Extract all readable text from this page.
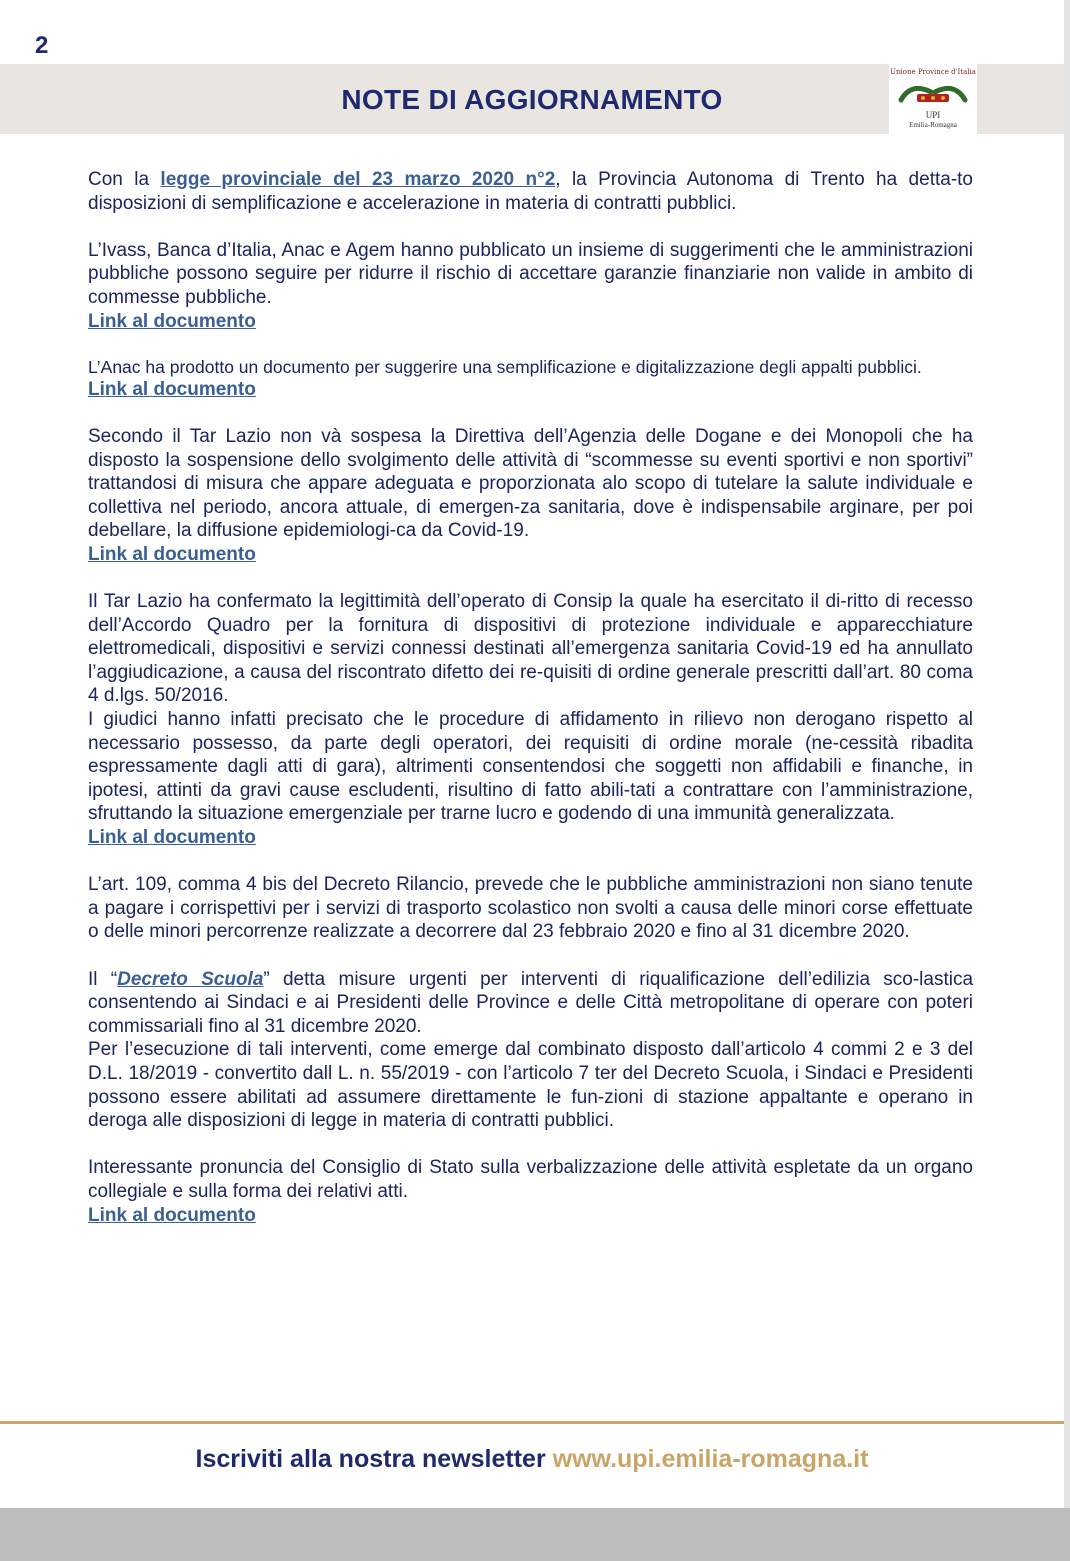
2
NOTE DI AGGIORNAMENTO
Unione Province d'Italia
UPI
Emilia-Romagna

Con la legge provinciale del 23 marzo 2020 n°2, la Provincia Autonoma di Trento ha detta-to disposizioni di semplificazione e accelerazione in materia di contratti pubblici.

L’Ivass, Banca d’Italia, Anac e Agem hanno pubblicato un insieme di suggerimenti che le amministrazioni pubbliche possono seguire per ridurre il rischio di accettare garanzie finanziarie non valide in ambito di commesse pubbliche.

Link al documento

L’Anac ha prodotto un documento per suggerire una semplificazione e digitalizzazione degli appalti pubblici.

Link al documento

Secondo il Tar Lazio non và sospesa la Direttiva dell’Agenzia delle Dogane e dei Monopoli che ha disposto la sospensione dello svolgimento delle attività di “scommesse su eventi sportivi e non sportivi” trattandosi di misura che appare adeguata e proporzionata alo scopo di tutelare la salute individuale e collettiva nel periodo, ancora attuale, di emergen-za sanitaria, dove è indispensabile arginare, per poi debellare, la diffusione epidemiologi-ca da Covid-19.

Link al documento

Il Tar Lazio ha confermato la legittimità dell’operato di Consip la quale ha esercitato il di-ritto di recesso dell’Accordo Quadro per la fornitura di dispositivi di protezione individuale e apparecchiature elettromedicali, dispositivi e servizi connessi destinati all’emergenza sanitaria Covid-19 ed ha annullato l’aggiudicazione, a causa del riscontrato difetto dei re-quisiti di ordine generale prescritti dall’art. 80 coma 4 d.lgs. 50/2016.

I giudici hanno infatti precisato che le procedure di affidamento in rilievo non derogano rispetto al necessario possesso, da parte degli operatori, dei requisiti di ordine morale (ne-cessità ribadita espressamente dagli atti di gara), altrimenti consentendosi che soggetti non affidabili e finanche, in ipotesi, attinti da gravi cause escludenti, risultino di fatto abili-tati a contrattare con l’amministrazione, sfruttando la situazione emergenziale per trarne lucro e godendo di una immunità generalizzata.

Link al documento

L’art. 109, comma 4 bis del Decreto Rilancio, prevede che le pubbliche amministrazioni non siano tenute a pagare i corrispettivi per i servizi di trasporto scolastico non svolti a causa delle minori corse effettuate o delle minori percorrenze realizzate a decorrere dal 23 febbraio 2020 e fino al 31 dicembre 2020.

Il “Decreto Scuola” detta misure urgenti per interventi di riqualificazione dell’edilizia sco-lastica consentendo ai Sindaci e ai Presidenti delle Province e delle Città metropolitane di operare con poteri commissariali fino al 31 dicembre 2020.

Per l’esecuzione di tali interventi, come emerge dal combinato disposto dall’articolo 4 commi 2 e 3 del D.L. 18/2019 - convertito dall L. n. 55/2019 - con l’articolo 7 ter del Decreto Scuola, i Sindaci e Presidenti possono essere abilitati ad assumere direttamente le fun-zioni di stazione appaltante e operano in deroga alle disposizioni di legge in materia di contratti pubblici.

Interessante pronuncia del Consiglio di Stato sulla verbalizzazione delle attività espletate da un organo collegiale e sulla forma dei relativi atti.

Link al documento
Iscriviti alla nostra newsletter www.upi.emilia-romagna.it
